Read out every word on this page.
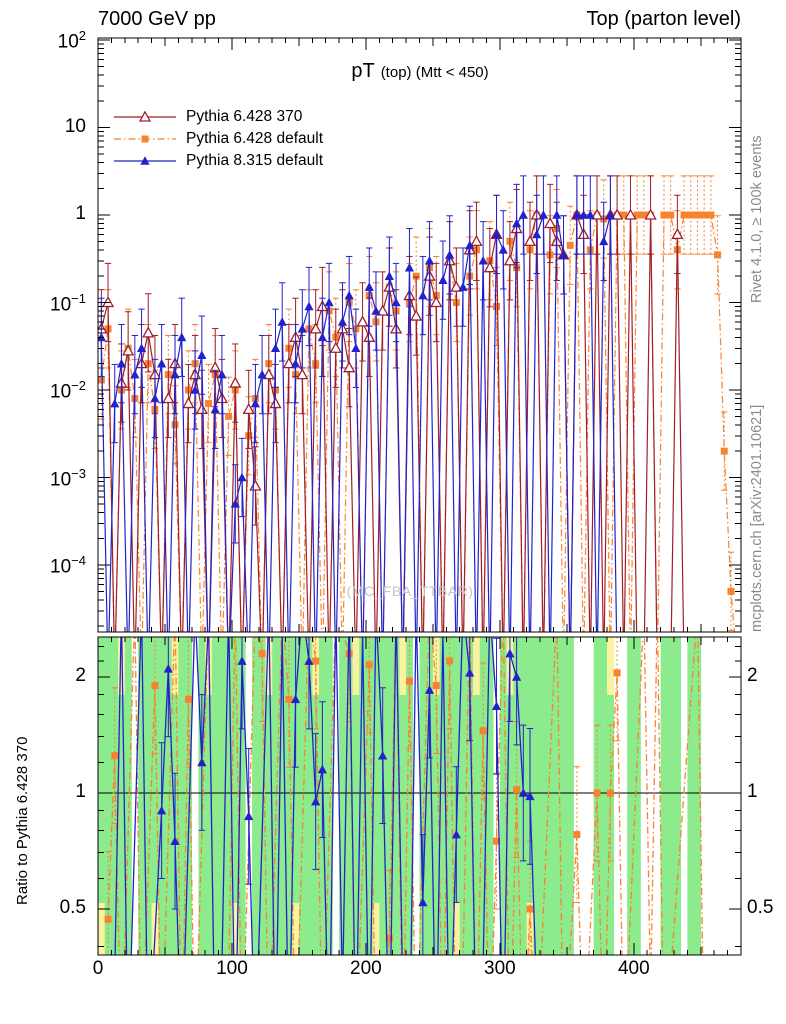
7000 GeV pp	Top (parton level)
pT (top) (Mtt < 450)
Pythia 6.428 370
Pythia 6.428 default
Pythia 8.315 default
(MC_FBA_TTBAR)
Rivet 4.1.0, ≥ 100k events
mcplots.cern.ch [arXiv:2401.10621]
Ratio to Pythia 6.428 370
$10^2$
10
1
$10^{-1}$
$10^{-2}$
$10^{-3}$
$10^{-4}$
0	100	200	300	400
2	2
1	1
0.5	0.5
